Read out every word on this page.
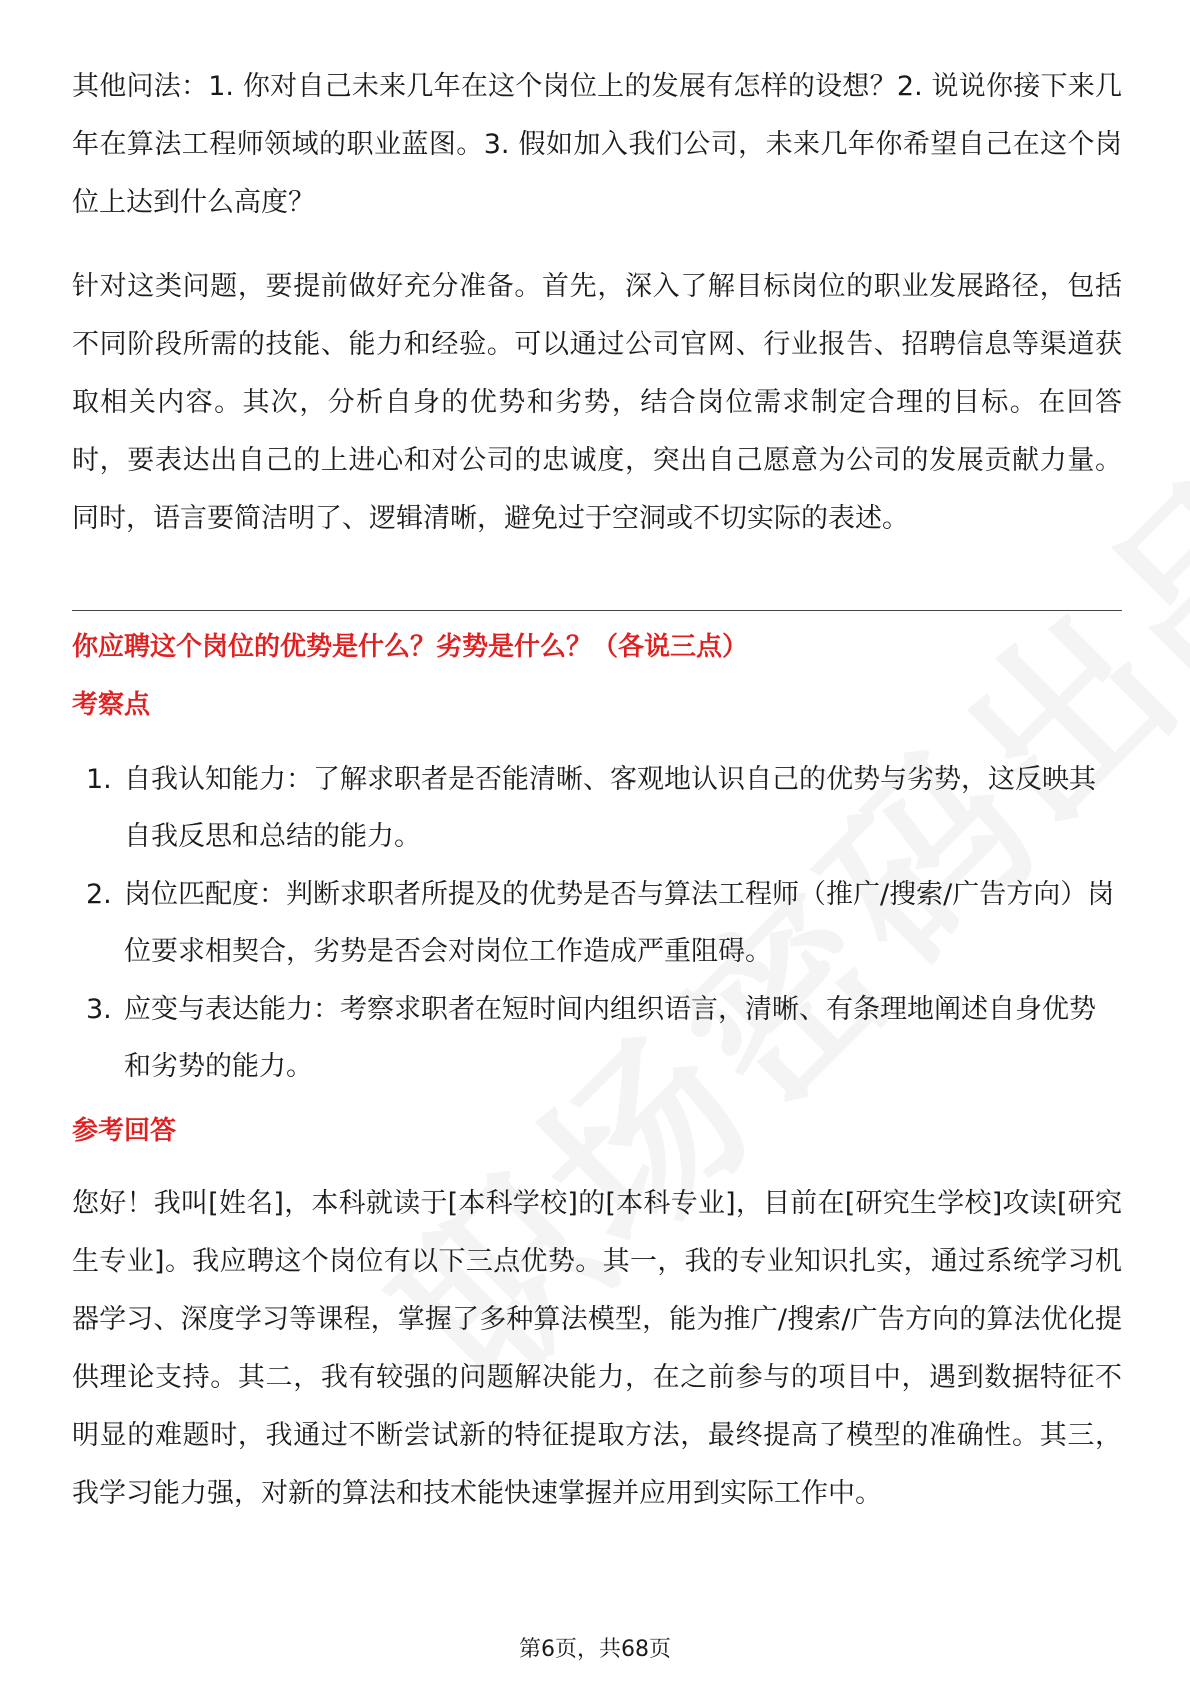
其他问法：1. 你对自己未来几年在这个岗位上的发展有怎样的设想？2. 说说你接下来几年在算法工程师领域的职业蓝图。3. 假如加入我们公司，未来几年你希望自己在这个岗位上达到什么高度？

针对这类问题，要提前做好充分准备。首先，深入了解目标岗位的职业发展路径，包括不同阶段所需的技能、能力和经验。可以通过公司官网、行业报告、招聘信息等渠道获取相关内容。其次，分析自身的优势和劣势，结合岗位需求制定合理的目标。在回答时，要表达出自己的上进心和对公司的忠诚度，突出自己愿意为公司的发展贡献力量。同时，语言要简洁明了、逻辑清晰，避免过于空洞或不切实际的表述。

你应聘这个岗位的优势是什么？劣势是什么？（各说三点）
考察点
1. 自我认知能力：了解求职者是否能清晰、客观地认识自己的优势与劣势，这反映其自我反思和总结的能力。
2. 岗位匹配度：判断求职者所提及的优势是否与算法工程师（推广/搜索/广告方向）岗位要求相契合，劣势是否会对岗位工作造成严重阻碍。
3. 应变与表达能力：考察求职者在短时间内组织语言，清晰、有条理地阐述自身优势和劣势的能力。
参考回答

您好！我叫[姓名]，本科就读于[本科学校]的[本科专业]，目前在[研究生学校]攻读[研究生专业]。我应聘这个岗位有以下三点优势。其一，我的专业知识扎实，通过系统学习机器学习、深度学习等课程，掌握了多种算法模型，能为推广/搜索/广告方向的算法优化提供理论支持。其二，我有较强的问题解决能力，在之前参与的项目中，遇到数据特征不明显的难题时，我通过不断尝试新的特征提取方法，最终提高了模型的准确性。其三，我学习能力强，对新的算法和技术能快速掌握并应用到实际工作中。

第6页，共68页
